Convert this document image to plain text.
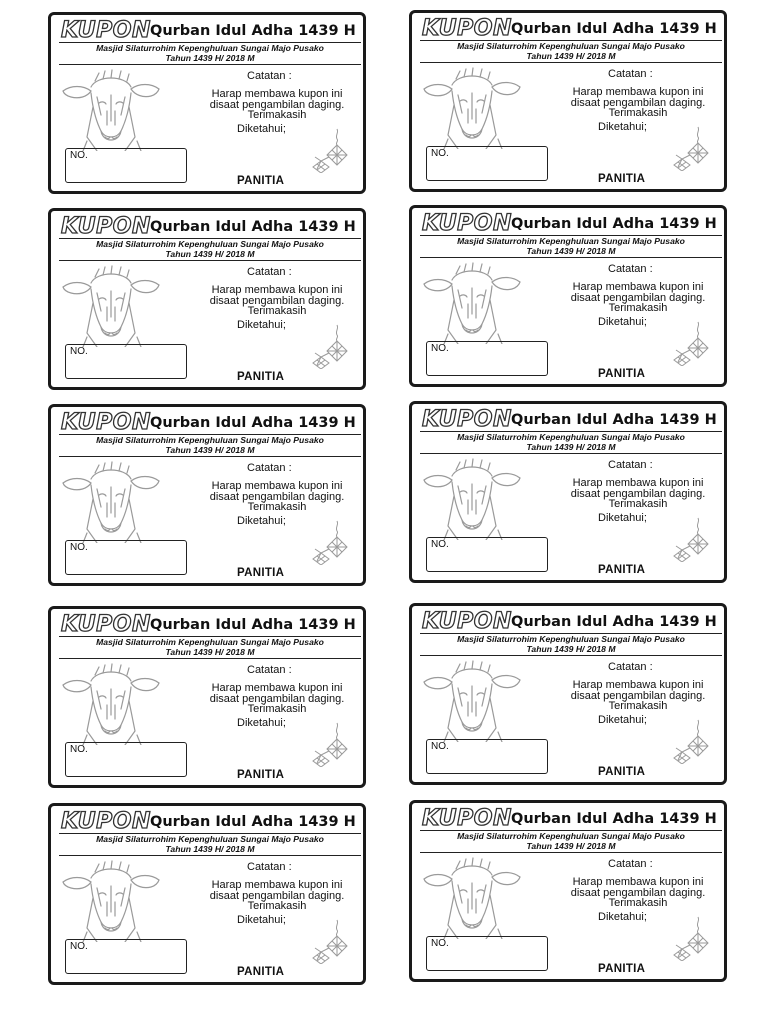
KUPON Qurban Idul Adha 1439 H
Masjid Silaturrohim Kepenghuluan Sungai Majo Pusako
Tahun 1439 H/ 2018 M
Catatan :
Harap membawa kupon ini
disaat pengambilan daging.
Terimakasih
Diketahui;
NO.
PANITIA
KUPON Qurban Idul Adha 1439 H
Masjid Silaturrohim Kepenghuluan Sungai Majo Pusako
Tahun 1439 H/ 2018 M
Catatan :
Harap membawa kupon ini
disaat pengambilan daging.
Terimakasih
Diketahui;
NO.
PANITIA
KUPON Qurban Idul Adha 1439 H
Masjid Silaturrohim Kepenghuluan Sungai Majo Pusako
Tahun 1439 H/ 2018 M
Catatan :
Harap membawa kupon ini
disaat pengambilan daging.
Terimakasih
Diketahui;
NO.
PANITIA
KUPON Qurban Idul Adha 1439 H
Masjid Silaturrohim Kepenghuluan Sungai Majo Pusako
Tahun 1439 H/ 2018 M
Catatan :
Harap membawa kupon ini
disaat pengambilan daging.
Terimakasih
Diketahui;
NO.
PANITIA
KUPON Qurban Idul Adha 1439 H
Masjid Silaturrohim Kepenghuluan Sungai Majo Pusako
Tahun 1439 H/ 2018 M
Catatan :
Harap membawa kupon ini
disaat pengambilan daging.
Terimakasih
Diketahui;
NO.
PANITIA
KUPON Qurban Idul Adha 1439 H
Masjid Silaturrohim Kepenghuluan Sungai Majo Pusako
Tahun 1439 H/ 2018 M
Catatan :
Harap membawa kupon ini
disaat pengambilan daging.
Terimakasih
Diketahui;
NO.
PANITIA
KUPON Qurban Idul Adha 1439 H
Masjid Silaturrohim Kepenghuluan Sungai Majo Pusako
Tahun 1439 H/ 2018 M
Catatan :
Harap membawa kupon ini
disaat pengambilan daging.
Terimakasih
Diketahui;
NO.
PANITIA
KUPON Qurban Idul Adha 1439 H
Masjid Silaturrohim Kepenghuluan Sungai Majo Pusako
Tahun 1439 H/ 2018 M
Catatan :
Harap membawa kupon ini
disaat pengambilan daging.
Terimakasih
Diketahui;
NO.
PANITIA
KUPON Qurban Idul Adha 1439 H
Masjid Silaturrohim Kepenghuluan Sungai Majo Pusako
Tahun 1439 H/ 2018 M
Catatan :
Harap membawa kupon ini
disaat pengambilan daging.
Terimakasih
Diketahui;
NO.
PANITIA
KUPON Qurban Idul Adha 1439 H
Masjid Silaturrohim Kepenghuluan Sungai Majo Pusako
Tahun 1439 H/ 2018 M
Catatan :
Harap membawa kupon ini
disaat pengambilan daging.
Terimakasih
Diketahui;
NO.
PANITIA
